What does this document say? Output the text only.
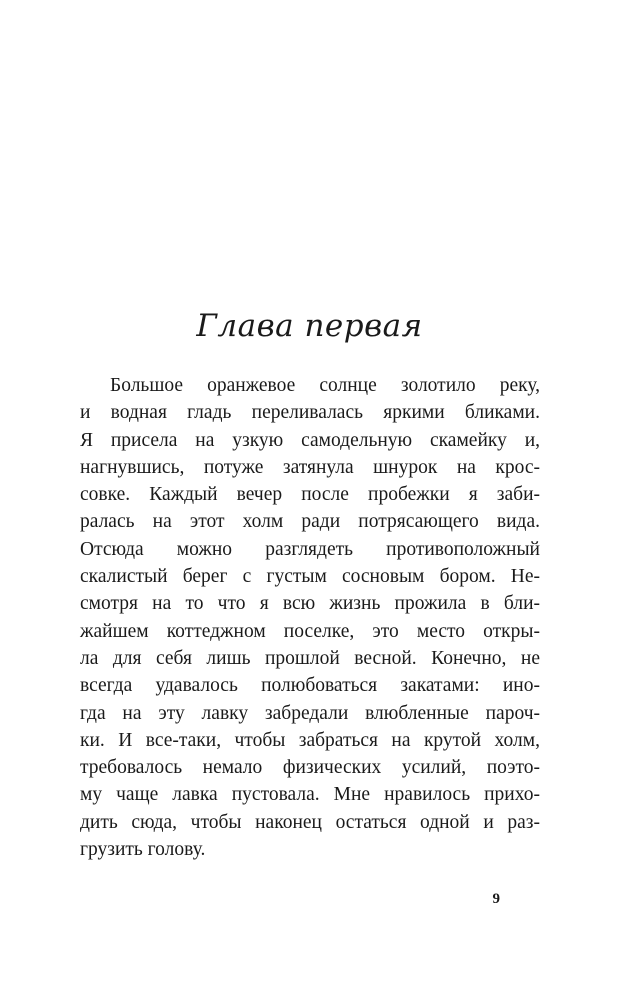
Глава первая
Большое оранжевое солнце золотило реку,
и водная гладь переливалась яркими бликами.
Я присела на узкую самодельную скамейку и,
нагнувшись, потуже затянула шнурок на крос-
совке. Каждый вечер после пробежки я заби-
ралась на этот холм ради потрясающего вида.
Отсюда можно разглядеть противоположный
скалистый берег с густым сосновым бором. Не-
смотря на то что я всю жизнь прожила в бли-
жайшем коттеджном поселке, это место откры-
ла для себя лишь прошлой весной. Конечно, не
всегда удавалось полюбоваться закатами: ино-
гда на эту лавку забредали влюбленные пароч-
ки. И все-таки, чтобы забраться на крутой холм,
требовалось немало физических усилий, поэто-
му чаще лавка пустовала. Мне нравилось прихо-
дить сюда, чтобы наконец остаться одной и раз-
грузить голову.
9
